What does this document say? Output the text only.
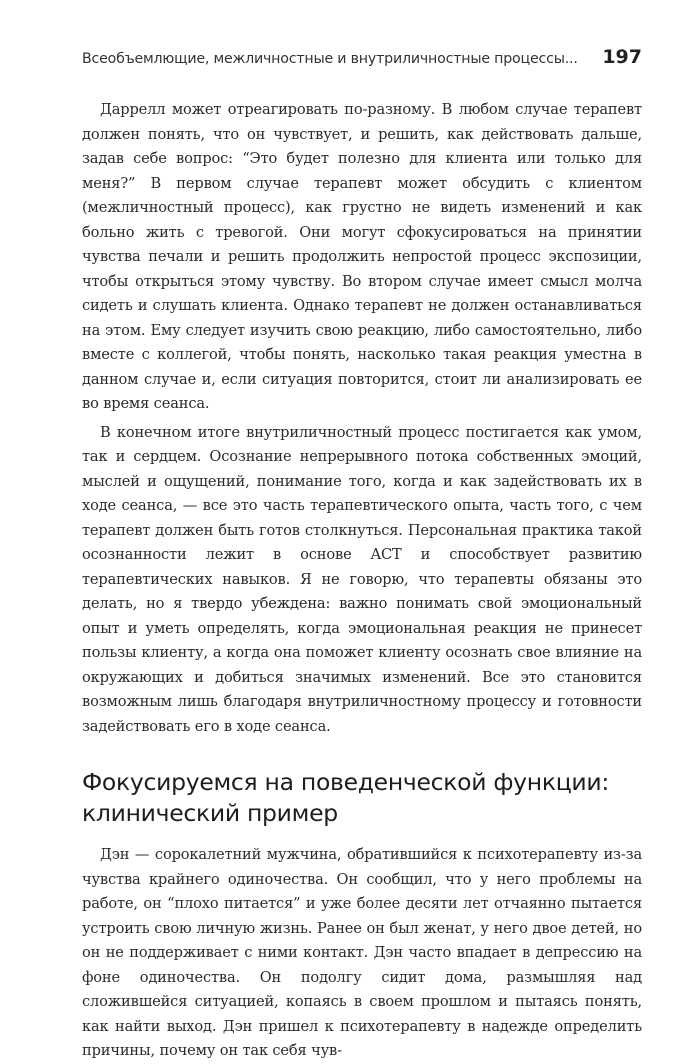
Всеобъемлющие, межличностные и внутриличностные процессы... 197

Даррелл может отреагировать по-разному. В любом случае терапевт должен понять, что он чувствует, и решить, как действовать дальше, задав себе вопрос: “Это будет полезно для клиента или только для меня?” В первом случае терапевт может обсудить с клиентом (межличностный процесс), как грустно не видеть изменений и как больно жить с тревогой. Они могут сфокусироваться на принятии чувства печали и решить продолжить непростой процесс экспозиции, чтобы открыться этому чувству. Во втором случае имеет смысл молча сидеть и слушать клиента. Однако терапевт не должен останавливаться на этом. Ему следует изучить свою реакцию, либо самостоятельно, либо вместе с коллегой, чтобы понять, насколько такая реакция уместна в данном случае и, если ситуация повторится, стоит ли анализировать ее во время сеанса.

В конечном итоге внутриличностный процесс постигается как умом, так и сердцем. Осознание непрерывного потока собственных эмоций, мыслей и ощущений, понимание того, когда и как задействовать их в ходе сеанса, — все это часть терапевтического опыта, часть того, с чем терапевт должен быть готов столкнуться. Персональная практика такой осознанности лежит в основе ACT и способствует развитию терапевтических навыков. Я не говорю, что терапевты обязаны это делать, но я твердо убеждена: важно понимать свой эмоциональный опыт и уметь определять, когда эмоциональная реакция не принесет пользы клиенту, а когда она поможет клиенту осознать свое влияние на окружающих и добиться значимых изменений. Все это становится возможным лишь благодаря внутриличностному процессу и готовности задействовать его в ходе сеанса.

Фокусируемся на поведенческой функции: клинический пример

Дэн — сорокалетний мужчина, обратившийся к психотерапевту из-за чувства крайнего одиночества. Он сообщил, что у него проблемы на работе, он “плохо питается” и уже более десяти лет отчаянно пытается устроить свою личную жизнь. Ранее он был женат, у него двое детей, но он не поддерживает с ними контакт. Дэн часто впадает в депрессию на фоне одиночества. Он подолгу сидит дома, размышляя над сложившейся ситуацией, копаясь в своем прошлом и пытаясь понять, как найти выход. Дэн пришел к психотерапевту в надежде определить причины, почему он так себя чув-
